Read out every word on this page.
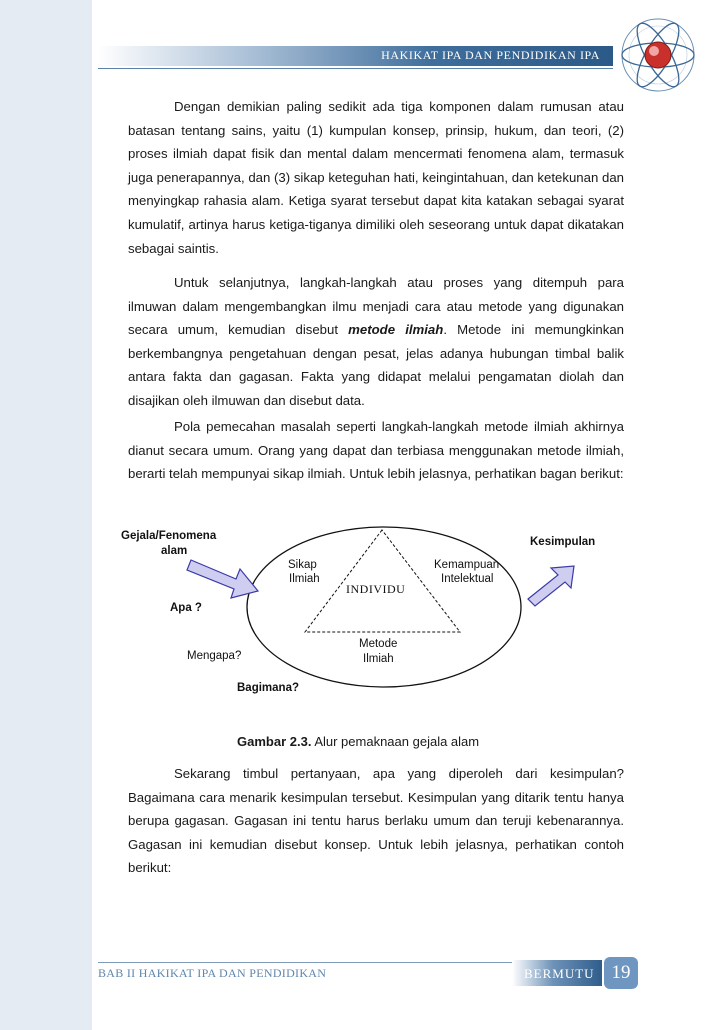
HAKIKAT IPA DAN PENDIDIKAN IPA

Dengan demikian paling sedikit ada tiga komponen dalam rumusan atau batasan tentang sains, yaitu (1) kumpulan konsep, prinsip, hukum, dan teori, (2) proses ilmiah dapat fisik dan mental dalam mencermati fenomena alam, termasuk juga penerapannya, dan (3) sikap keteguhan hati, keingintahuan, dan ketekunan dan menyingkap rahasia alam. Ketiga syarat tersebut dapat kita katakan sebagai syarat kumulatif, artinya harus ketiga-tiganya dimiliki oleh seseorang untuk dapat dikatakan sebagai saintis.

Untuk selanjutnya, langkah-langkah atau proses yang ditempuh para ilmuwan dalam mengembangkan ilmu menjadi cara atau metode yang digunakan secara umum, kemudian disebut metode ilmiah. Metode ini memungkinkan berkembangnya pengetahuan dengan pesat, jelas adanya hubungan timbal balik antara fakta dan gagasan. Fakta yang didapat melalui pengamatan diolah dan disajikan oleh ilmuwan dan disebut data.

Pola pemecahan masalah seperti langkah-langkah metode ilmiah akhirnya dianut secara umum. Orang yang dapat dan terbiasa menggunakan metode ilmiah, berarti telah mempunyai sikap ilmiah. Untuk lebih jelasnya, perhatikan bagan berikut:

Gejala/Fenomena
alam
Kesimpulan
Apa ?
Mengapa?
Bagimana?
Sikap
Ilmiah
Kemampuan
Intelektual
INDIVIDU
Metode
Ilmiah
Gambar 2.3. Alur pemaknaan gejala alam

Sekarang timbul pertanyaan, apa yang diperoleh dari kesimpulan? Bagaimana cara menarik kesimpulan tersebut. Kesimpulan yang ditarik tentu hanya berupa gagasan. Gagasan ini tentu harus berlaku umum dan teruji kebenarannya. Gagasan ini kemudian disebut konsep. Untuk lebih jelasnya, perhatikan contoh berikut:

BAB II HAKIKAT IPA DAN PENDIDIKAN	BERMUTU 19
